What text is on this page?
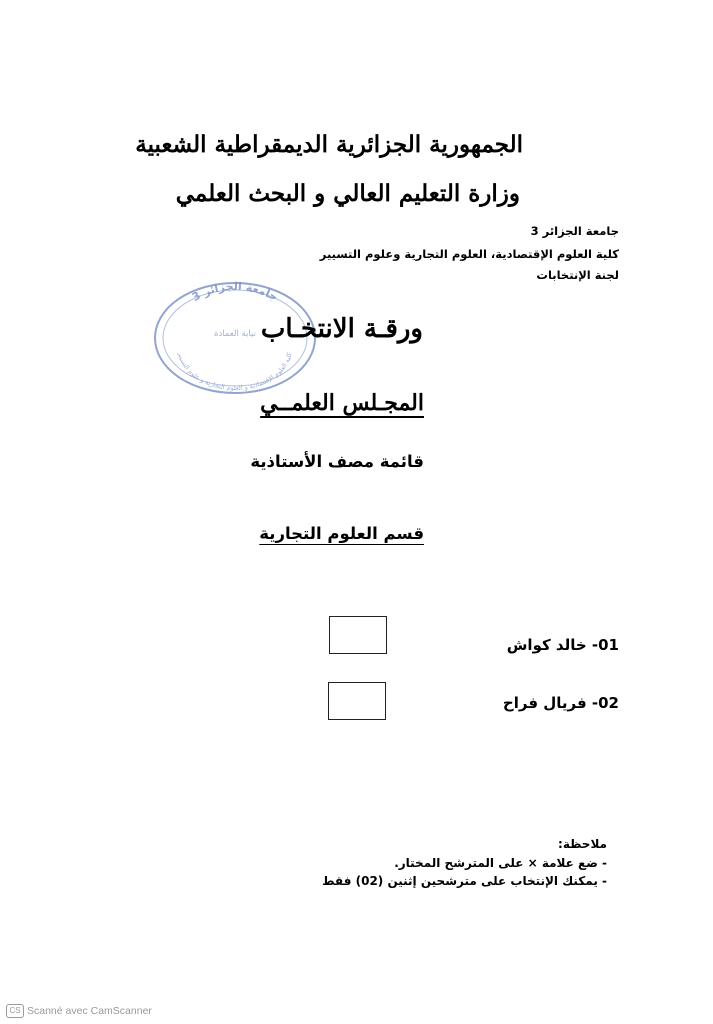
الجمهورية الجزائرية الديمقراطية الشعبية
وزارة التعليم العالي و البحث العلمي
جامعة الجزائر 3
كلية العلوم الإقتصادية، العلوم التجارية وعلوم التسيير
لجنة الإنتخابات
جامعة الجزائر 3
نيابة العمادة
كلية العلوم الإقتصادية و العلوم التجارية و علوم التسيير
ورقـة الانتخـاب
المجـلس العلمــي
قائمة مصف الأستاذية
قسم العلوم التجارية
01- خالد كواش
02- فريال فراح
ملاحظة:
- ضع علامة × على المترشح المختار.
- يمكنك الإنتخاب على مترشحين إثنين (02) فقط
CS Scanné avec CamScanner
